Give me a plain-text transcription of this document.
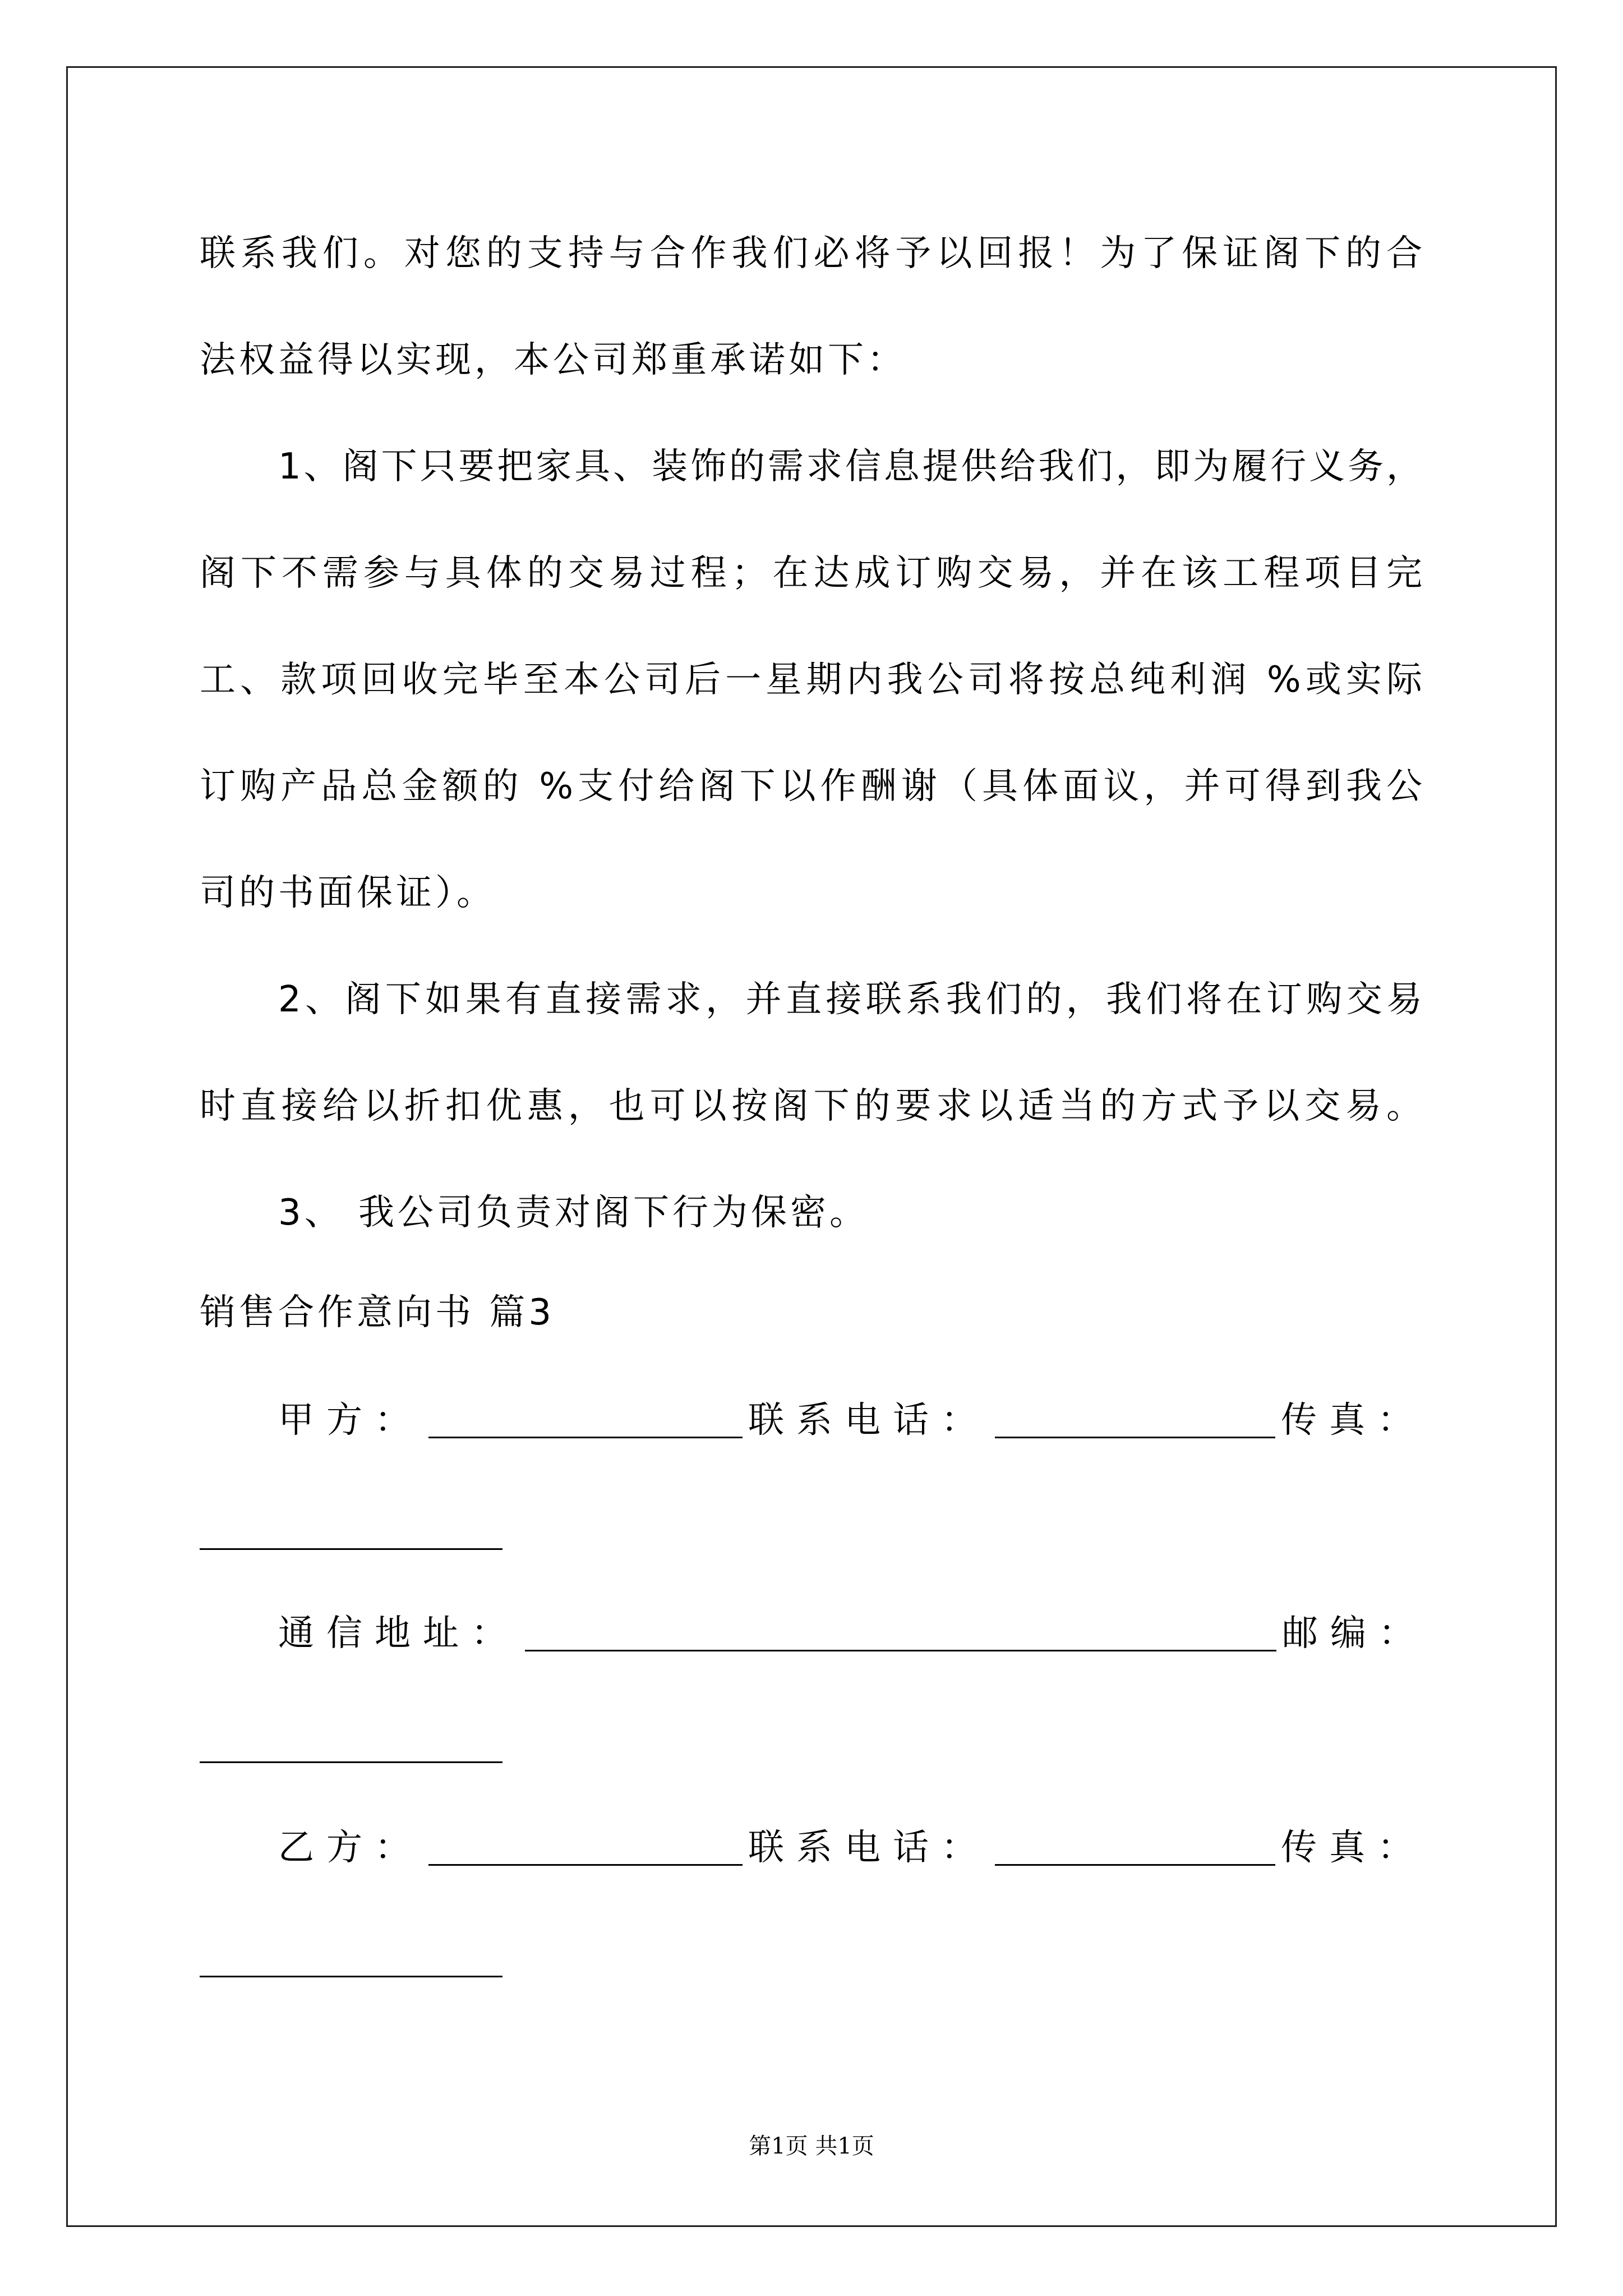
联系我们。对您的支持与合作我们必将予以回报！为了保证阁下的合
法权益得以实现，本公司郑重承诺如下：
1、阁下只要把家具、装饰的需求信息提供给我们，即为履行义务，
阁下不需参与具体的交易过程；在达成订购交易，并在该工程项目完
工、款项回收完毕至本公司后一星期内我公司将按总纯利润 %或实际
订购产品总金额的 %支付给阁下以作酬谢（具体面议，并可得到我公
司的书面保证）。
2、阁下如果有直接需求，并直接联系我们的，我们将在订购交易
时直接给以折扣优惠，也可以按阁下的要求以适当的方式予以交易。
3、 我公司负责对阁下行为保密。
销售合作意向书 篇3
甲方：	联系电话：	传真：
通信地址：	邮编：
乙方：	联系电话：	传真：
第1页 共1页
